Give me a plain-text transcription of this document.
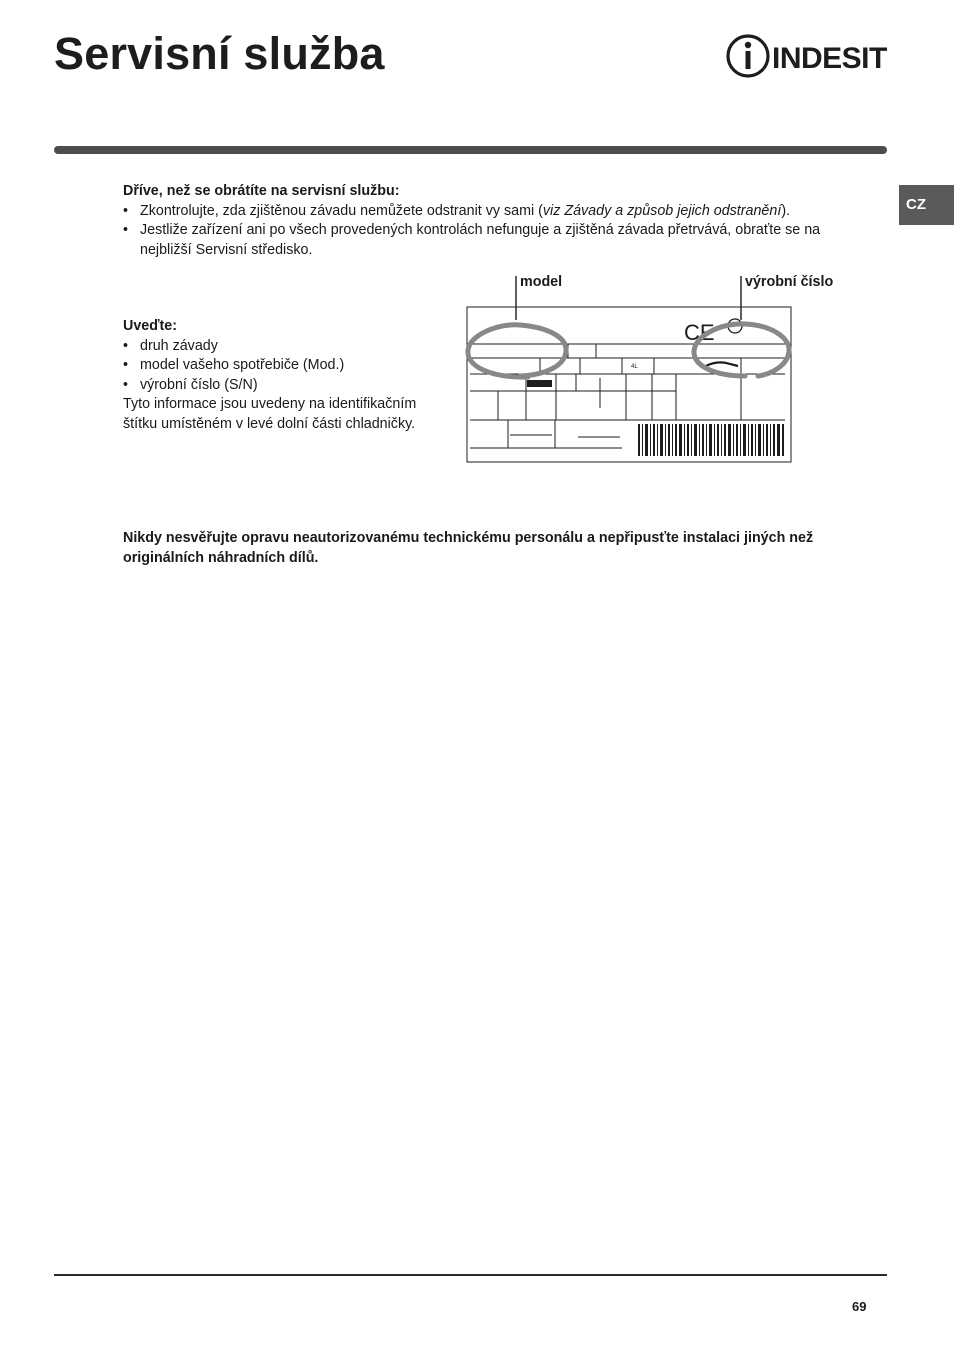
Servisní služba	INDESIT
CZ
Dříve, než se obrátíte na servisní službu:
• Zkontrolujte, zda zjištěnou závadu nemůžete odstranit vy sami (viz Závady a způsob jejich odstranění).
• Jestliže zařízení ani po všech provedených kontrolách nefunguje a zjištěná závada přetrvává, obraťte se na nejbližší Servisní středisko.
Uveďte:
• druh závady
• model vašeho spotřebiče (Mod.)
• výrobní číslo (S/N)
Tyto informace jsou uvedeny na identifikačním štítku umístěném v levé dolní části chladničky.
4L
CE
model	výrobní číslo
Nikdy nesvěřujte opravu neautorizovanému technickému personálu a nepřipusťte instalaci jiných než originálních náhradních dílů.
69
